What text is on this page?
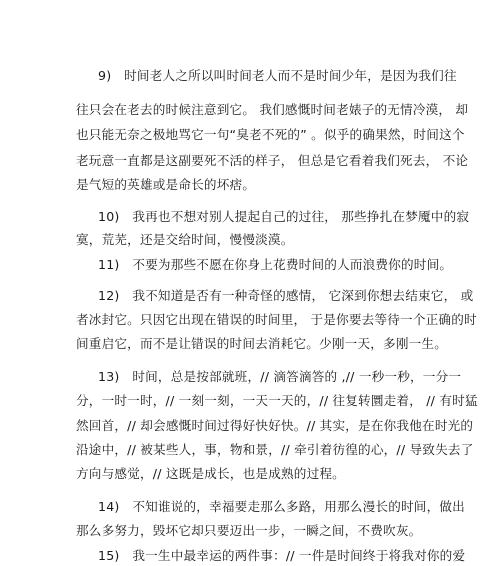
9)　时间老人之所以叫时间老人而不是时间少年，是因为我们往
往只会在老去的时候注意到它。 我们感慨时间老婊子的无情冷漠， 却
也只能无奈之极地骂它一句“臭老不死的” 。似乎的确果然，时间这个
老玩意一直都是这副要死不活的样子， 但总是它看着我们死去， 不论
是气短的英雄或是命长的坏痞。
10)　我再也不想对别人提起自己的过往， 那些挣扎在梦魇中的寂
寞，荒芜，还是交给时间，慢慢淡漠。
11)　不要为那些不愿在你身上花费时间的人而浪费你的时间。
12)　我不知道是否有一种奇怪的感情， 它深到你想去结束它， 或
者冰封它。只因它出现在错误的时间里， 于是你要去等待一个正确的时
间重启它，而不是让错误的时间去消耗它。少刚一天，多刚一生。
13)　时间，总是按部就班，// 滴答滴答的 ,// 一秒一秒，一分一
分，一时一时，// 一刻一刻，一天一天的，// 往复转圜走着， // 有时猛
然回首，// 却会感慨时间过得好快好快。// 其实，是在你我他在时光的
沿途中，// 被某些人，事，物和景，// 牵引着彷徨的心，// 导致失去了
方向与感觉，// 这既是成长，也是成熟的过程。
14)　不知谁说的，幸福要走那么多路，用那么漫长的时间，做出
那么多努力，毁坏它却只要迈出一步，一瞬之间，不费吹灰。
15)　我一生中最幸运的两件事：// 一件是时间终于将我对你的爱
